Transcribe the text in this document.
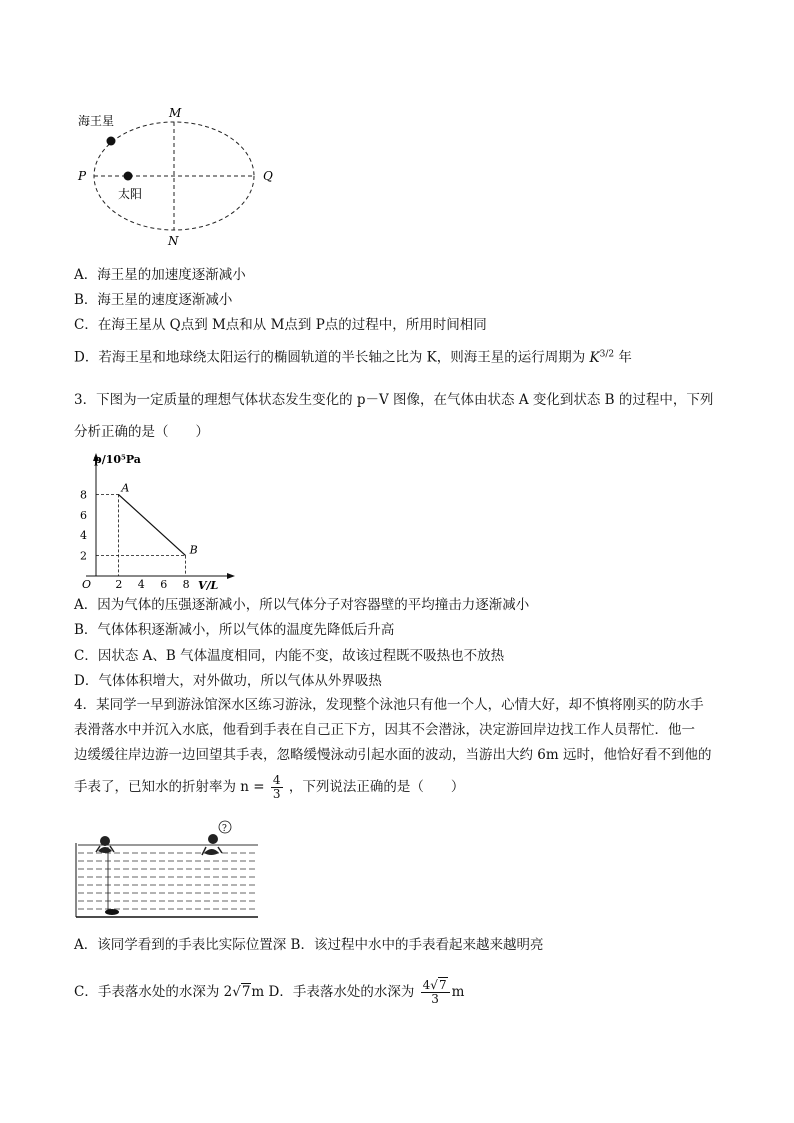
海王星
太阳
M
N
P	Q
A．海王星的加速度逐渐减小
B．海王星的速度逐渐减小
C．在海王星从 Q点到 M点和从 M点到 P点的过程中，所用时间相同
D．若海王星和地球绕太阳运行的椭圆轨道的半长轴之比为 K，则海王星的运行周期为 $K^{3/2}$ 年
3．下图为一定质量的理想气体状态发生变化的 p－V 图像，在气体由状态 A 变化到状态 B 的过程中，下列
分析正确的是（　　）
p/10⁵Pa
V/L
O
2
4
6
8
2 4 6 8
A
B
A．因为气体的压强逐渐减小，所以气体分子对容器壁的平均撞击力逐渐减小
B．气体体积逐渐减小，所以气体的温度先降低后升高
C．因状态 A、B 气体温度相同，内能不变，故该过程既不吸热也不放热
D．气体体积增大，对外做功，所以气体从外界吸热
4．某同学一早到游泳馆深水区练习游泳，发现整个泳池只有他一个人，心情大好，却不慎将刚买的防水手
表滑落水中并沉入水底，他看到手表在自己正下方，因其不会潜泳，决定游回岸边找工作人员帮忙．他一
边缓缓往岸边游一边回望其手表，忽略缓慢泳动引起水面的波动，当游出大约 6m 远时，他恰好看不到他的
手表了，已知水的折射率为 $n = \frac{4}{3}$ ，下列说法正确的是（　　）
?
A．该同学看到的手表比实际位置深 B．该过程中水中的手表看起来越来越明亮
C．手表落水处的水深为 2√7m D．手表落水处的水深为 $\frac{4√7}{3}$ m
